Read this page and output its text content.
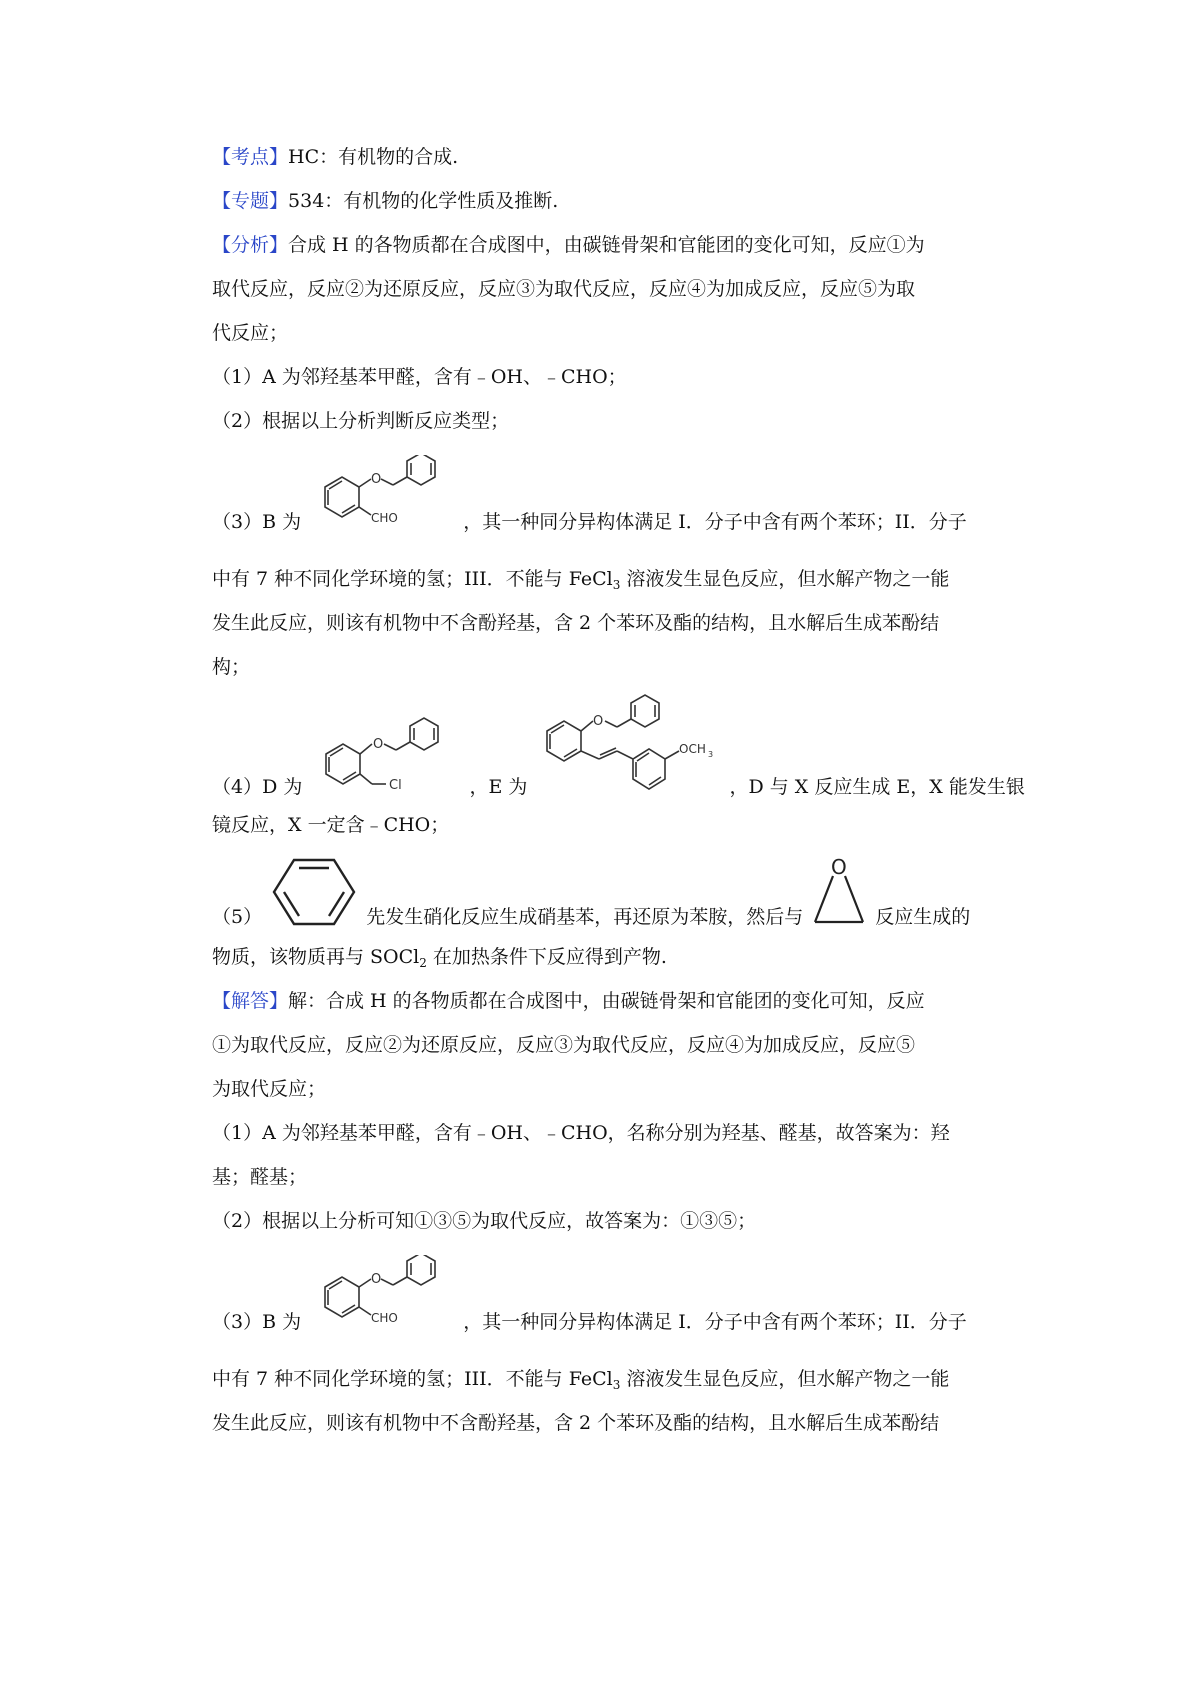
【考点】HC：有机物的合成.
【专题】534：有机物的化学性质及推断.
【分析】合成 H 的各物质都在合成图中，由碳链骨架和官能团的变化可知，反应①为
取代反应，反应②为还原反应，反应③为取代反应，反应④为加成反应，反应⑤为取
代反应；
（1）A 为邻羟基苯甲醛，含有﹣OH、﹣CHO；
（2）根据以上分析判断反应类型；
（3）B 为
O
CHO	，其一种同分异构体满足 I．分子中含有两个苯环；II．分子
中有 7 种不同化学环境的氢；III．不能与 FeCl$_3$ 溶液发生显色反应，但水解产物之一能
发生此反应，则该有机物中不含酚羟基，含 2 个苯环及酯的结构，且水解后生成苯酚结
构；
（4）D 为
O
Cl	，E 为
O
OCH 3
，D 与 X 反应生成 E，X 能发生银
镜反应，X 一定含﹣CHO；
（5）	先发生硝化反应生成硝基苯，再还原为苯胺，然后与
O
反应生成的
物质，该物质再与 SOCl$_2$ 在加热条件下反应得到产物.
【解答】解：合成 H 的各物质都在合成图中，由碳链骨架和官能团的变化可知，反应
①为取代反应，反应②为还原反应，反应③为取代反应，反应④为加成反应，反应⑤
为取代反应；
（1）A 为邻羟基苯甲醛，含有﹣OH、﹣CHO，名称分别为羟基、醛基，故答案为：羟
基；醛基；
（2）根据以上分析可知①③⑤为取代反应，故答案为：①③⑤；
（3）B 为
O
CHO	，其一种同分异构体满足 I．分子中含有两个苯环；II．分子
中有 7 种不同化学环境的氢；III．不能与 FeCl$_3$ 溶液发生显色反应，但水解产物之一能
发生此反应，则该有机物中不含酚羟基，含 2 个苯环及酯的结构，且水解后生成苯酚结
